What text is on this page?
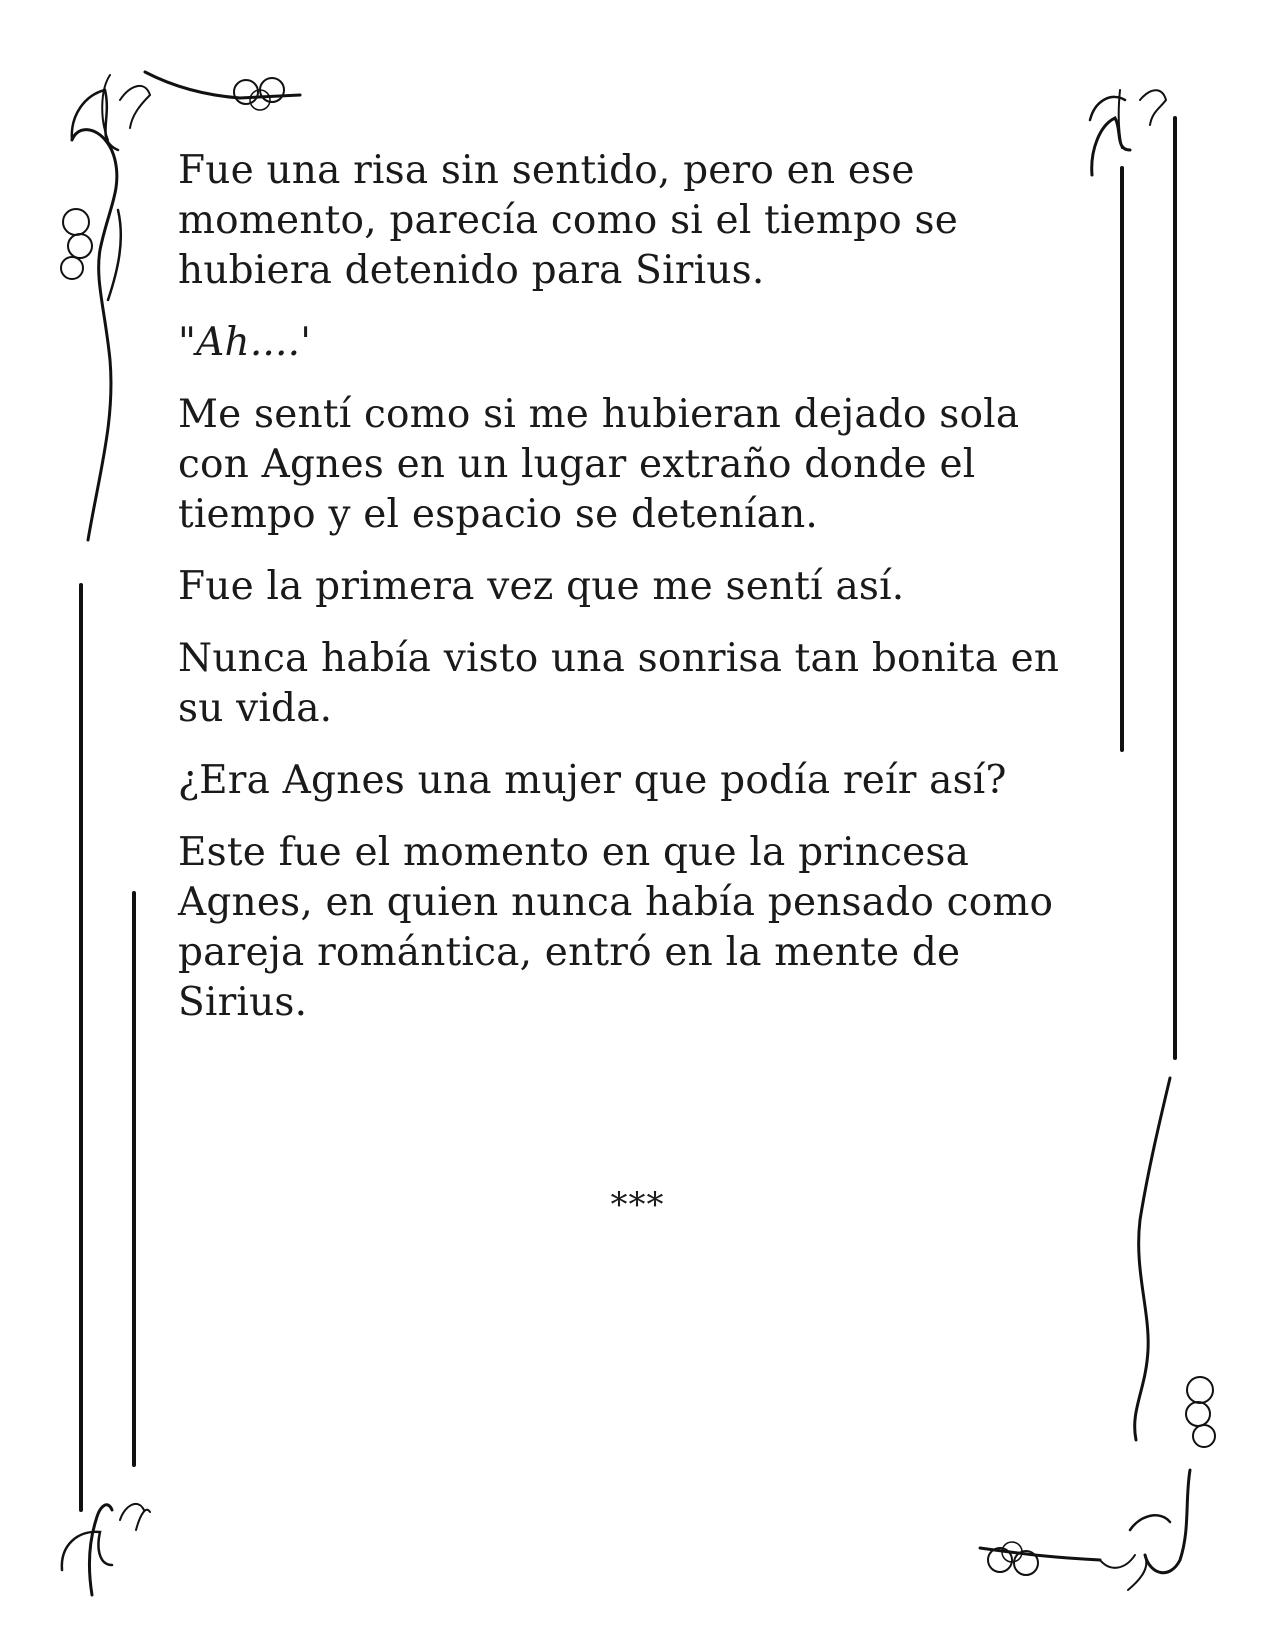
Fue una risa sin sentido, pero en ese momento, parecía como si el tiempo se hubiera detenido para Sirius.

"Ah....'

Me sentí como si me hubieran dejado sola con Agnes en un lugar extraño donde el tiempo y el espacio se detenían.

Fue la primera vez que me sentí así.

Nunca había visto una sonrisa tan bonita en su vida.

¿Era Agnes una mujer que podía reír así?

Este fue el momento en que la princesa Agnes, en quien nunca había pensado como pareja romántica, entró en la mente de Sirius.

***
